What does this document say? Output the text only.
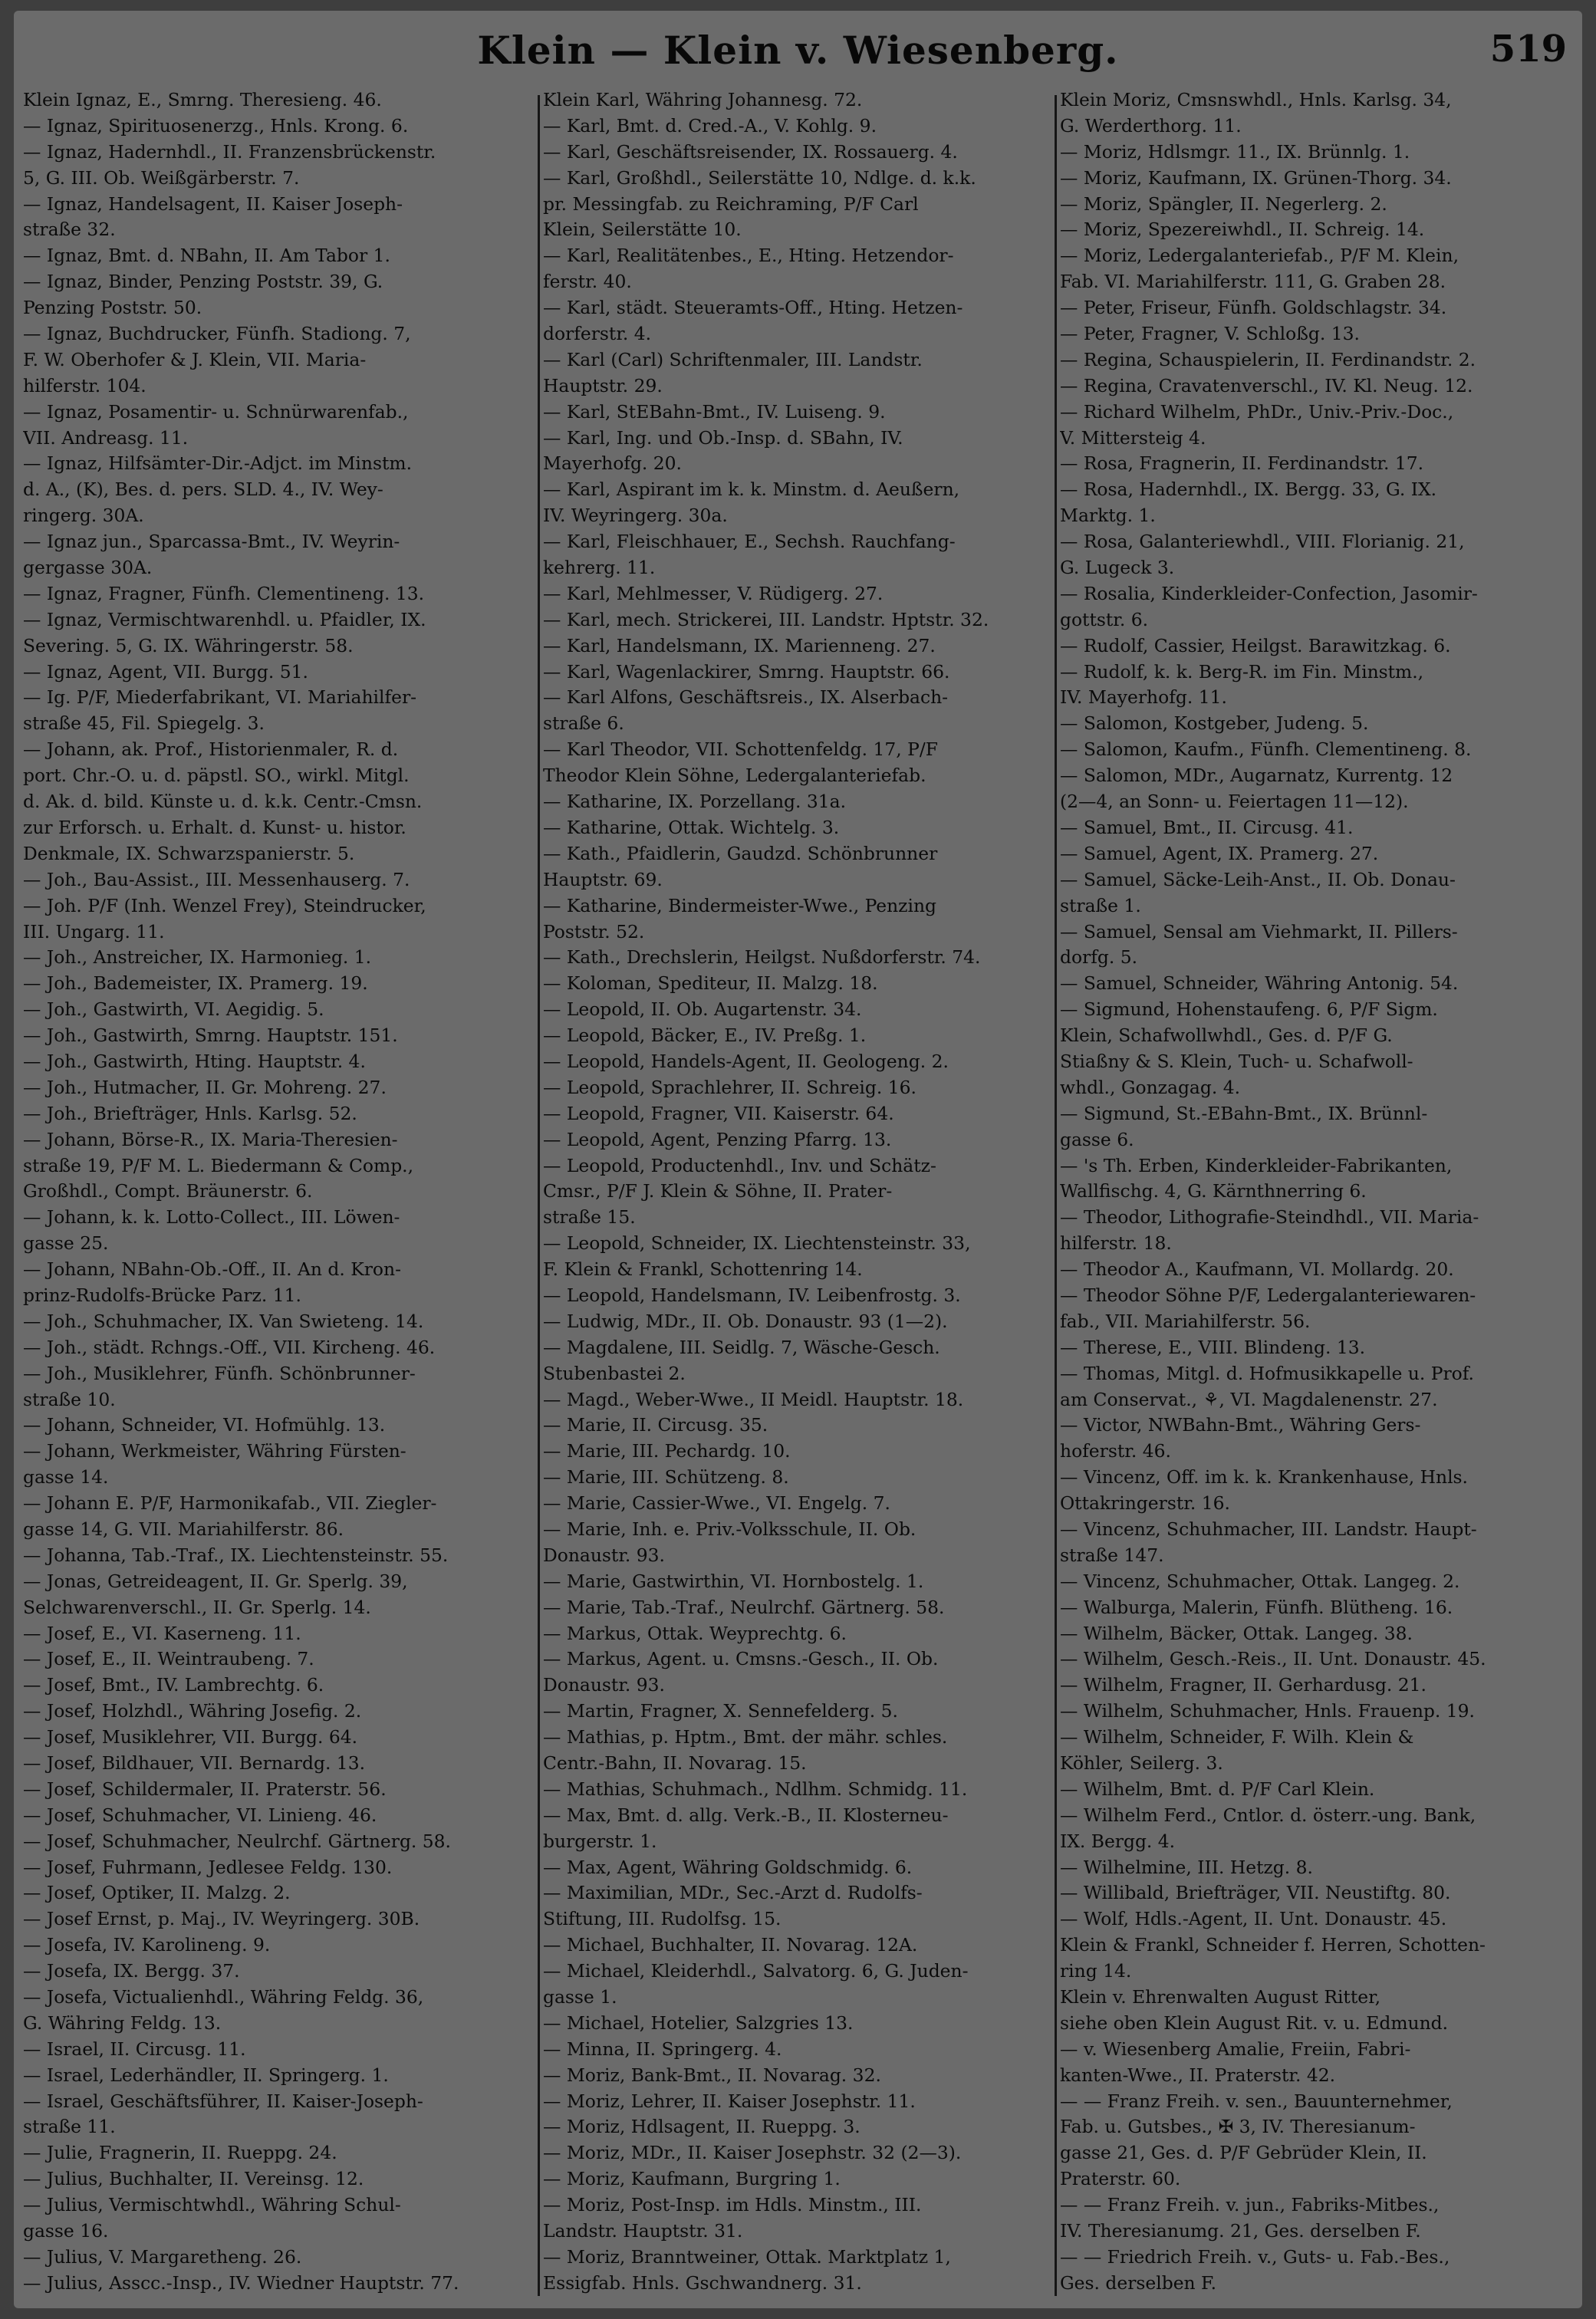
Klein — Klein v. Wiesenberg.	519
Klein Ignaz, E., Smrng. Theresieng. 46.
— Ignaz, Spirituosenerzg., Hnls. Krong. 6.
— Ignaz, Hadernhdl., II. Franzensbrückenstr.
5, G. III. Ob. Weißgärberstr. 7.
— Ignaz, Handelsagent, II. Kaiser Joseph-
straße 32.
— Ignaz, Bmt. d. NBahn, II. Am Tabor 1.
— Ignaz, Binder, Penzing Poststr. 39, G.
Penzing Poststr. 50.
— Ignaz, Buchdrucker, Fünfh. Stadiong. 7,
F. W. Oberhofer & J. Klein, VII. Maria-
hilferstr. 104.
— Ignaz, Posamentir- u. Schnürwarenfab.,
VII. Andreasg. 11.
— Ignaz, Hilfsämter-Dir.-Adjct. im Minstm.
d. A., (K), Bes. d. pers. SLD. 4., IV. Wey-
ringerg. 30A.
— Ignaz jun., Sparcassa-Bmt., IV. Weyrin-
gergasse 30A.
— Ignaz, Fragner, Fünfh. Clementineng. 13.
— Ignaz, Vermischtwarenhdl. u. Pfaidler, IX.
Severing. 5, G. IX. Währingerstr. 58.
— Ignaz, Agent, VII. Burgg. 51.
— Ig. P/F, Miederfabrikant, VI. Mariahilfer-
straße 45, Fil. Spiegelg. 3.
— Johann, ak. Prof., Historienmaler, R. d.
port. Chr.-O. u. d. päpstl. SO., wirkl. Mitgl.
d. Ak. d. bild. Künste u. d. k.k. Centr.-Cmsn.
zur Erforsch. u. Erhalt. d. Kunst- u. histor.
Denkmale, IX. Schwarzspanierstr. 5.
— Joh., Bau-Assist., III. Messenhauserg. 7.
— Joh. P/F (Inh. Wenzel Frey), Steindrucker,
III. Ungarg. 11.
— Joh., Anstreicher, IX. Harmonieg. 1.
— Joh., Bademeister, IX. Pramerg. 19.
— Joh., Gastwirth, VI. Aegidig. 5.
— Joh., Gastwirth, Smrng. Hauptstr. 151.
— Joh., Gastwirth, Hting. Hauptstr. 4.
— Joh., Hutmacher, II. Gr. Mohreng. 27.
— Joh., Briefträger, Hnls. Karlsg. 52.
— Johann, Börse-R., IX. Maria-Theresien-
straße 19, P/F M. L. Biedermann & Comp.,
Großhdl., Compt. Bräunerstr. 6.
— Johann, k. k. Lotto-Collect., III. Löwen-
gasse 25.
— Johann, NBahn-Ob.-Off., II. An d. Kron-
prinz-Rudolfs-Brücke Parz. 11.
— Joh., Schuhmacher, IX. Van Swieteng. 14.
— Joh., städt. Rchngs.-Off., VII. Kircheng. 46.
— Joh., Musiklehrer, Fünfh. Schönbrunner-
straße 10.
— Johann, Schneider, VI. Hofmühlg. 13.
— Johann, Werkmeister, Währing Fürsten-
gasse 14.
— Johann E. P/F, Harmonikafab., VII. Ziegler-
gasse 14, G. VII. Mariahilferstr. 86.
— Johanna, Tab.-Traf., IX. Liechtensteinstr. 55.
— Jonas, Getreideagent, II. Gr. Sperlg. 39,
Selchwarenverschl., II. Gr. Sperlg. 14.
— Josef, E., VI. Kaserneng. 11.
— Josef, E., II. Weintraubeng. 7.
— Josef, Bmt., IV. Lambrechtg. 6.
— Josef, Holzhdl., Währing Josefig. 2.
— Josef, Musiklehrer, VII. Burgg. 64.
— Josef, Bildhauer, VII. Bernardg. 13.
— Josef, Schildermaler, II. Praterstr. 56.
— Josef, Schuhmacher, VI. Linieng. 46.
— Josef, Schuhmacher, Neulrchf. Gärtnerg. 58.
— Josef, Fuhrmann, Jedlesee Feldg. 130.
— Josef, Optiker, II. Malzg. 2.
— Josef Ernst, p. Maj., IV. Weyringerg. 30B.
— Josefa, IV. Karolineng. 9.
— Josefa, IX. Bergg. 37.
— Josefa, Victualienhdl., Währing Feldg. 36,
G. Währing Feldg. 13.
— Israel, II. Circusg. 11.
— Israel, Lederhändler, II. Springerg. 1.
— Israel, Geschäftsführer, II. Kaiser-Joseph-
straße 11.
— Julie, Fragnerin, II. Rueppg. 24.
— Julius, Buchhalter, II. Vereinsg. 12.
— Julius, Vermischtwhdl., Währing Schul-
gasse 16.
— Julius, V. Margaretheng. 26.
— Julius, Asscc.-Insp., IV. Wiedner Hauptstr. 77.
Klein Karl, Währing Johannesg. 72.
— Karl, Bmt. d. Cred.-A., V. Kohlg. 9.
— Karl, Geschäftsreisender, IX. Rossauerg. 4.
— Karl, Großhdl., Seilerstätte 10, Ndlge. d. k.k.
pr. Messingfab. zu Reichraming, P/F Carl
Klein, Seilerstätte 10.
— Karl, Realitätenbes., E., Hting. Hetzendor-
ferstr. 40.
— Karl, städt. Steueramts-Off., Hting. Hetzen-
dorferstr. 4.
— Karl (Carl) Schriftenmaler, III. Landstr.
Hauptstr. 29.
— Karl, StEBahn-Bmt., IV. Luiseng. 9.
— Karl, Ing. und Ob.-Insp. d. SBahn, IV.
Mayerhofg. 20.
— Karl, Aspirant im k. k. Minstm. d. Aeußern,
IV. Weyringerg. 30a.
— Karl, Fleischhauer, E., Sechsh. Rauchfang-
kehrerg. 11.
— Karl, Mehlmesser, V. Rüdigerg. 27.
— Karl, mech. Strickerei, III. Landstr. Hptstr. 32.
— Karl, Handelsmann, IX. Marienneng. 27.
— Karl, Wagenlackirer, Smrng. Hauptstr. 66.
— Karl Alfons, Geschäftsreis., IX. Alserbach-
straße 6.
— Karl Theodor, VII. Schottenfeldg. 17, P/F
Theodor Klein Söhne, Ledergalanteriefab.
— Katharine, IX. Porzellang. 31a.
— Katharine, Ottak. Wichtelg. 3.
— Kath., Pfaidlerin, Gaudzd. Schönbrunner
Hauptstr. 69.
— Katharine, Bindermeister-Wwe., Penzing
Poststr. 52.
— Kath., Drechslerin, Heilgst. Nußdorferstr. 74.
— Koloman, Spediteur, II. Malzg. 18.
— Leopold, II. Ob. Augartenstr. 34.
— Leopold, Bäcker, E., IV. Preßg. 1.
— Leopold, Handels-Agent, II. Geologeng. 2.
— Leopold, Sprachlehrer, II. Schreig. 16.
— Leopold, Fragner, VII. Kaiserstr. 64.
— Leopold, Agent, Penzing Pfarrg. 13.
— Leopold, Productenhdl., Inv. und Schätz-
Cmsr., P/F J. Klein & Söhne, II. Prater-
straße 15.
— Leopold, Schneider, IX. Liechtensteinstr. 33,
F. Klein & Frankl, Schottenring 14.
— Leopold, Handelsmann, IV. Leibenfrostg. 3.
— Ludwig, MDr., II. Ob. Donaustr. 93 (1—2).
— Magdalene, III. Seidlg. 7, Wäsche-Gesch.
Stubenbastei 2.
— Magd., Weber-Wwe., II Meidl. Hauptstr. 18.
— Marie, II. Circusg. 35.
— Marie, III. Pechardg. 10.
— Marie, III. Schützeng. 8.
— Marie, Cassier-Wwe., VI. Engelg. 7.
— Marie, Inh. e. Priv.-Volksschule, II. Ob.
Donaustr. 93.
— Marie, Gastwirthin, VI. Hornbostelg. 1.
— Marie, Tab.-Traf., Neulrchf. Gärtnerg. 58.
— Markus, Ottak. Weyprechtg. 6.
— Markus, Agent. u. Cmsns.-Gesch., II. Ob.
Donaustr. 93.
— Martin, Fragner, X. Sennefelderg. 5.
— Mathias, p. Hptm., Bmt. der mähr. schles.
Centr.-Bahn, II. Novarag. 15.
— Mathias, Schuhmach., Ndlhm. Schmidg. 11.
— Max, Bmt. d. allg. Verk.-B., II. Klosterneu-
burgerstr. 1.
— Max, Agent, Währing Goldschmidg. 6.
— Maximilian, MDr., Sec.-Arzt d. Rudolfs-
Stiftung, III. Rudolfsg. 15.
— Michael, Buchhalter, II. Novarag. 12A.
— Michael, Kleiderhdl., Salvatorg. 6, G. Juden-
gasse 1.
— Michael, Hotelier, Salzgries 13.
— Minna, II. Springerg. 4.
— Moriz, Bank-Bmt., II. Novarag. 32.
— Moriz, Lehrer, II. Kaiser Josephstr. 11.
— Moriz, Hdlsagent, II. Rueppg. 3.
— Moriz, MDr., II. Kaiser Josephstr. 32 (2—3).
— Moriz, Kaufmann, Burgring 1.
— Moriz, Post-Insp. im Hdls. Minstm., III.
Landstr. Hauptstr. 31.
— Moriz, Branntweiner, Ottak. Marktplatz 1,
Essigfab. Hnls. Gschwandnerg. 31.
Klein Moriz, Cmsnswhdl., Hnls. Karlsg. 34,
G. Werderthorg. 11.
— Moriz, Hdlsmgr. 11., IX. Brünnlg. 1.
— Moriz, Kaufmann, IX. Grünen-Thorg. 34.
— Moriz, Spängler, II. Negerlerg. 2.
— Moriz, Spezereiwhdl., II. Schreig. 14.
— Moriz, Ledergalanteriefab., P/F M. Klein,
Fab. VI. Mariahilferstr. 111, G. Graben 28.
— Peter, Friseur, Fünfh. Goldschlagstr. 34.
— Peter, Fragner, V. Schloßg. 13.
— Regina, Schauspielerin, II. Ferdinandstr. 2.
— Regina, Cravatenverschl., IV. Kl. Neug. 12.
— Richard Wilhelm, PhDr., Univ.-Priv.-Doc.,
V. Mittersteig 4.
— Rosa, Fragnerin, II. Ferdinandstr. 17.
— Rosa, Hadernhdl., IX. Bergg. 33, G. IX.
Marktg. 1.
— Rosa, Galanteriewhdl., VIII. Florianig. 21,
G. Lugeck 3.
— Rosalia, Kinderkleider-Confection, Jasomir-
gottstr. 6.
— Rudolf, Cassier, Heilgst. Barawitzkag. 6.
— Rudolf, k. k. Berg-R. im Fin. Minstm.,
IV. Mayerhofg. 11.
— Salomon, Kostgeber, Judeng. 5.
— Salomon, Kaufm., Fünfh. Clementineng. 8.
— Salomon, MDr., Augarnatz, Kurrentg. 12
(2—4, an Sonn- u. Feiertagen 11—12).
— Samuel, Bmt., II. Circusg. 41.
— Samuel, Agent, IX. Pramerg. 27.
— Samuel, Säcke-Leih-Anst., II. Ob. Donau-
straße 1.
— Samuel, Sensal am Viehmarkt, II. Pillers-
dorfg. 5.
— Samuel, Schneider, Währing Antonig. 54.
— Sigmund, Hohenstaufeng. 6, P/F Sigm.
Klein, Schafwollwhdl., Ges. d. P/F G.
Stiaßny & S. Klein, Tuch- u. Schafwoll-
whdl., Gonzagag. 4.
— Sigmund, St.-EBahn-Bmt., IX. Brünnl-
gasse 6.
— 's Th. Erben, Kinderkleider-Fabrikanten,
Wallfischg. 4, G. Kärnthnerring 6.
— Theodor, Lithografie-Steindhdl., VII. Maria-
hilferstr. 18.
— Theodor A., Kaufmann, VI. Mollardg. 20.
— Theodor Söhne P/F, Ledergalanteriewaren-
fab., VII. Mariahilferstr. 56.
— Therese, E., VIII. Blindeng. 13.
— Thomas, Mitgl. d. Hofmusikkapelle u. Prof.
am Conservat., ⚘, VI. Magdalenenstr. 27.
— Victor, NWBahn-Bmt., Währing Gers-
hoferstr. 46.
— Vincenz, Off. im k. k. Krankenhause, Hnls.
Ottakringerstr. 16.
— Vincenz, Schuhmacher, III. Landstr. Haupt-
straße 147.
— Vincenz, Schuhmacher, Ottak. Langeg. 2.
— Walburga, Malerin, Fünfh. Blütheng. 16.
— Wilhelm, Bäcker, Ottak. Langeg. 38.
— Wilhelm, Gesch.-Reis., II. Unt. Donaustr. 45.
— Wilhelm, Fragner, II. Gerhardusg. 21.
— Wilhelm, Schuhmacher, Hnls. Frauenp. 19.
— Wilhelm, Schneider, F. Wilh. Klein &
Köhler, Seilerg. 3.
— Wilhelm, Bmt. d. P/F Carl Klein.
— Wilhelm Ferd., Cntlor. d. österr.-ung. Bank,
IX. Bergg. 4.
— Wilhelmine, III. Hetzg. 8.
— Willibald, Briefträger, VII. Neustiftg. 80.
— Wolf, Hdls.-Agent, II. Unt. Donaustr. 45.
Klein & Frankl, Schneider f. Herren, Schotten-
ring 14.
Klein v. Ehrenwalten August Ritter,
siehe oben Klein August Rit. v. u. Edmund.
— v. Wiesenberg Amalie, Freiin, Fabri-
kanten-Wwe., II. Praterstr. 42.
— — Franz Freih. v. sen., Bauunternehmer,
Fab. u. Gutsbes., ✠ 3, IV. Theresianum-
gasse 21, Ges. d. P/F Gebrüder Klein, II.
Praterstr. 60.
— — Franz Freih. v. jun., Fabriks-Mitbes.,
IV. Theresianumg. 21, Ges. derselben F.
— — Friedrich Freih. v., Guts- u. Fab.-Bes.,
Ges. derselben F.
